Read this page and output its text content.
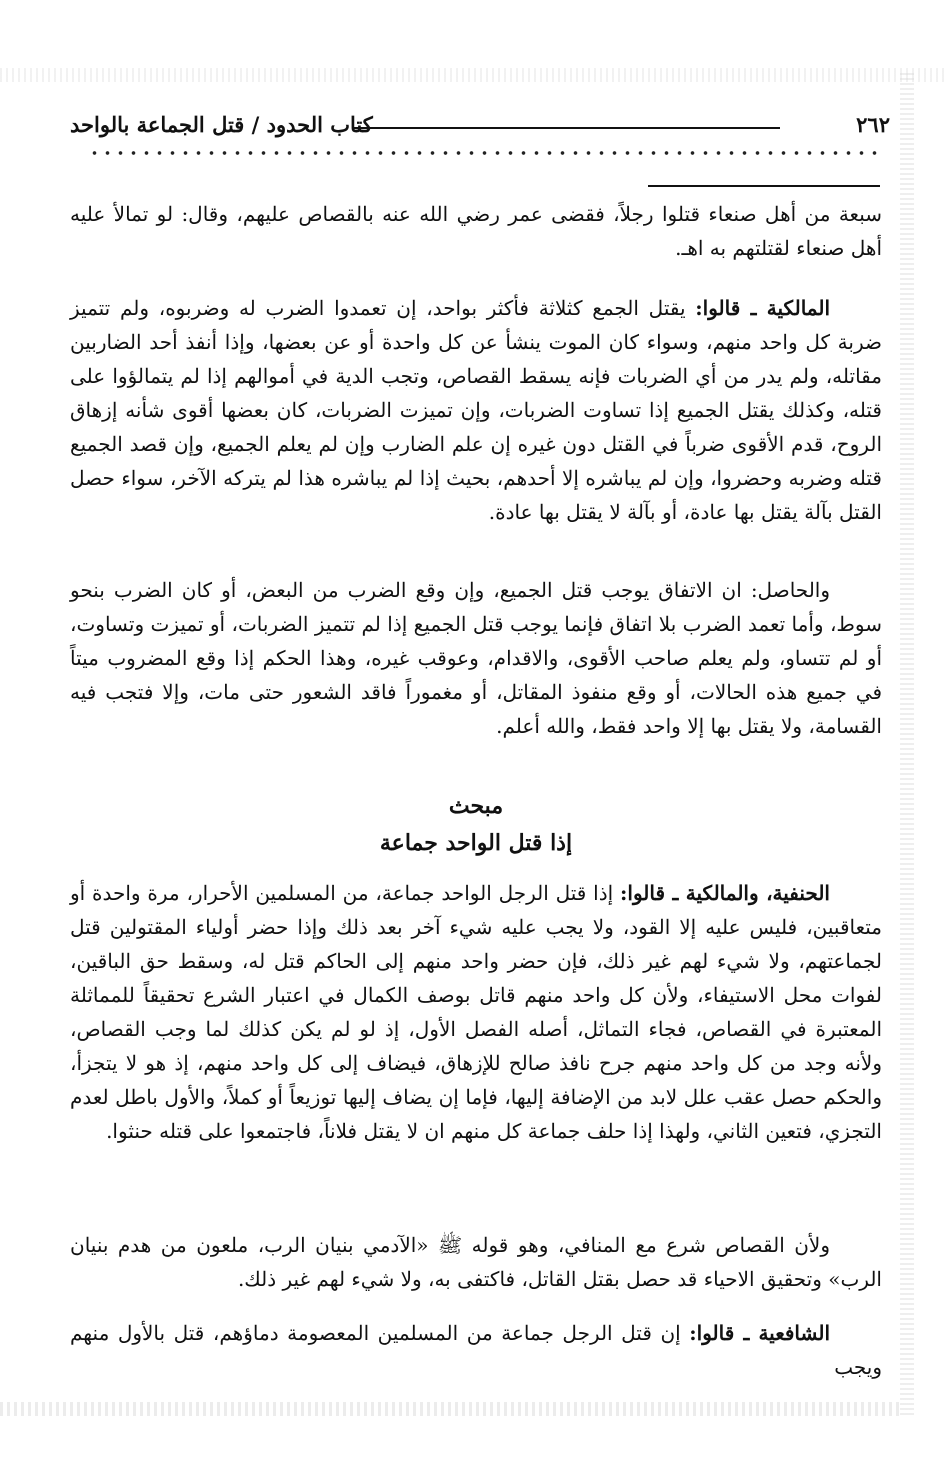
٢٦٢
كتاب الحدود / قتل الجماعة بالواحد

سبعة من أهل صنعاء قتلوا رجلاً، فقضى عمر رضي الله عنه بالقصاص عليهم، وقال: لو تمالأ عليه أهل صنعاء لقتلتهم به اهـ.

المالكية ـ قالوا: يقتل الجمع كثلاثة فأكثر بواحد، إن تعمدوا الضرب له وضربوه، ولم تتميز ضربة كل واحد منهم، وسواء كان الموت ينشأ عن كل واحدة أو عن بعضها، وإذا أنفذ أحد الضاربين مقاتله، ولم يدر من أي الضربات فإنه يسقط القصاص، وتجب الدية في أموالهم إذا لم يتمالؤوا على قتله، وكذلك يقتل الجميع إذا تساوت الضربات، وإن تميزت الضربات، كان بعضها أقوى شأنه إزهاق الروح، قدم الأقوى ضرباً في القتل دون غيره إن علم الضارب وإن لم يعلم الجميع، وإن قصد الجميع قتله وضربه وحضروا، وإن لم يباشره إلا أحدهم، بحيث إذا لم يباشره هذا لم يتركه الآخر، سواء حصل القتل بآلة يقتل بها عادة، أو بآلة لا يقتل بها عادة.

والحاصل: ان الاتفاق يوجب قتل الجميع، وإن وقع الضرب من البعض، أو كان الضرب بنحو سوط، وأما تعمد الضرب بلا اتفاق فإنما يوجب قتل الجميع إذا لم تتميز الضربات، أو تميزت وتساوت، أو لم تتساو، ولم يعلم صاحب الأقوى، والاقدام، وعوقب غيره، وهذا الحكم إذا وقع المضروب ميتاً في جميع هذه الحالات، أو وقع منفوذ المقاتل، أو مغموراً فاقد الشعور حتى مات، وإلا فتجب فيه القسامة، ولا يقتل بها إلا واحد فقط، والله أعلم.

مبحث
إذا قتل الواحد جماعة

الحنفية، والمالكية ـ قالوا: إذا قتل الرجل الواحد جماعة، من المسلمين الأحرار، مرة واحدة أو متعاقبين، فليس عليه إلا القود، ولا يجب عليه شيء آخر بعد ذلك وإذا حضر أولياء المقتولين قتل لجماعتهم، ولا شيء لهم غير ذلك، فإن حضر واحد منهم إلى الحاكم قتل له، وسقط حق الباقين، لفوات محل الاستيفاء، ولأن كل واحد منهم قاتل بوصف الكمال في اعتبار الشرع تحقيقاً للمماثلة المعتبرة في القصاص، فجاء التماثل، أصله الفصل الأول، إذ لو لم يكن كذلك لما وجب القصاص، ولأنه وجد من كل واحد منهم جرح نافذ صالح للإزهاق، فيضاف إلى كل واحد منهم، إذ هو لا يتجزأ، والحكم حصل عقب علل لابد من الإضافة إليها، فإما إن يضاف إليها توزيعاً أو كملاً، والأول باطل لعدم التجزي، فتعين الثاني، ولهذا إذا حلف جماعة كل منهم ان لا يقتل فلاناً، فاجتمعوا على قتله حنثوا.

ولأن القصاص شرع مع المنافي، وهو قوله ﷺ «الآدمي بنيان الرب، ملعون من هدم بنيان الرب» وتحقيق الاحياء قد حصل بقتل القاتل، فاكتفى به، ولا شيء لهم غير ذلك.

الشافعية ـ قالوا: إن قتل الرجل جماعة من المسلمين المعصومة دماؤهم، قتل بالأول منهم ويجب
